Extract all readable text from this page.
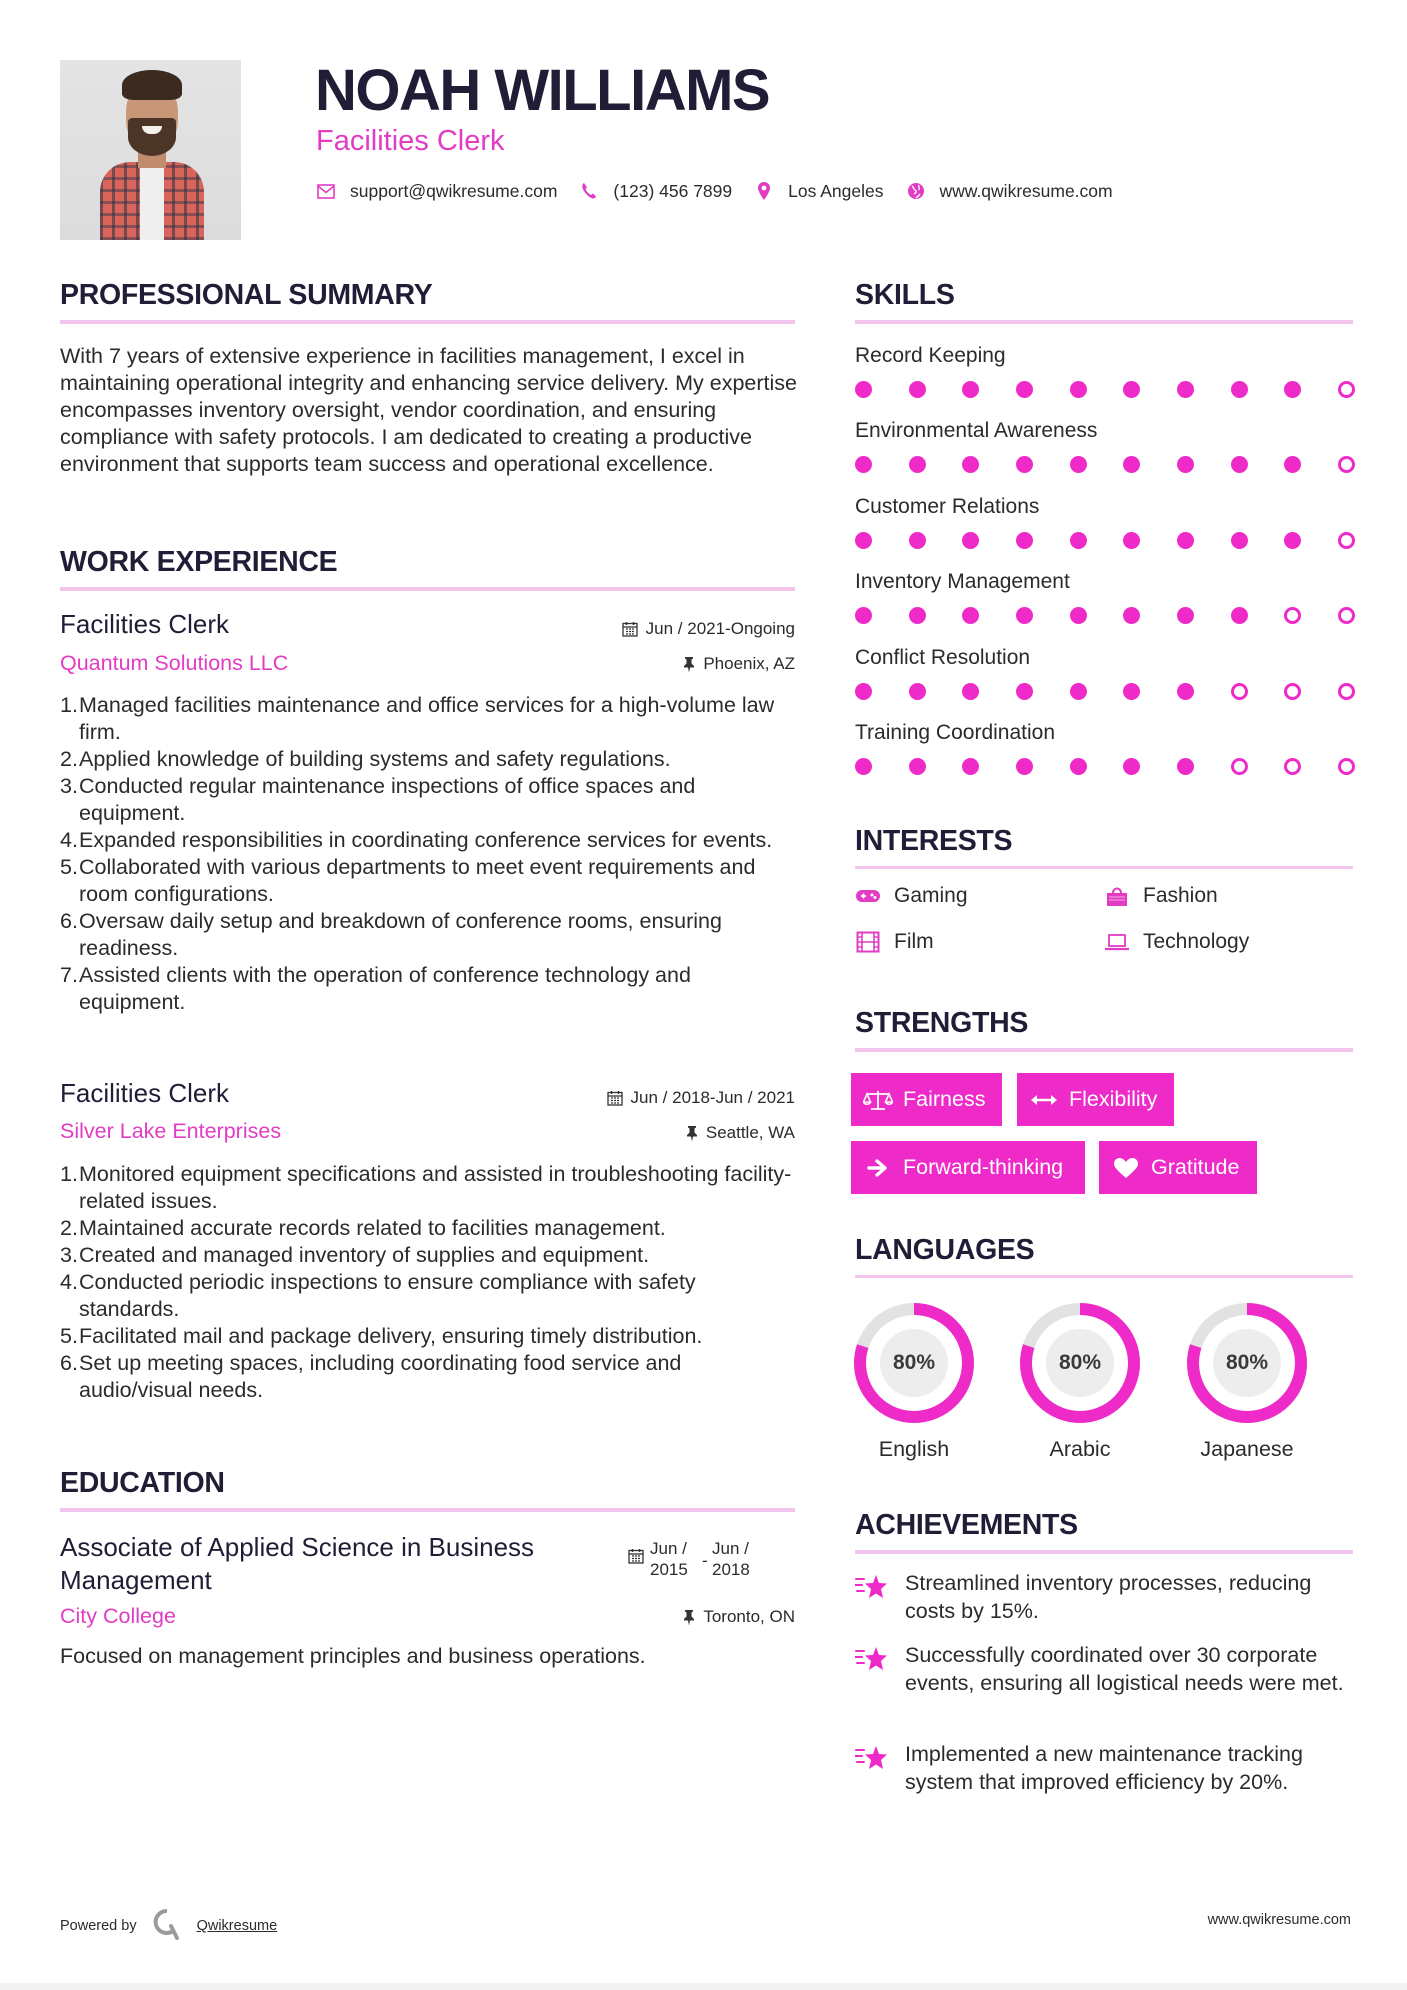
NOAH WILLIAMS
Facilities Clerk
support@qwikresume.com	(123) 456 7899	Los Angeles	www.qwikresume.com
PROFESSIONAL SUMMARY

With 7 years of extensive experience in facilities management, I excel in maintaining operational integrity and enhancing service delivery. My expertise encompasses inventory oversight, vendor coordination, and ensuring compliance with safety protocols. I am dedicated to creating a productive environment that supports team success and operational excellence.

WORK EXPERIENCE
Facilities Clerk	Jun / 2021-Ongoing
Quantum Solutions LLC	Phoenix, AZ
1. Managed facilities maintenance and office services for a high-volume law firm.
2. Applied knowledge of building systems and safety regulations.
3. Conducted regular maintenance inspections of office spaces and equipment.
4. Expanded responsibilities in coordinating conference services for events.
5. Collaborated with various departments to meet event requirements and room configurations.
6. Oversaw daily setup and breakdown of conference rooms, ensuring readiness.
7. Assisted clients with the operation of conference technology and equipment.
Facilities Clerk	Jun / 2018-Jun / 2021
Silver Lake Enterprises	Seattle, WA
1. Monitored equipment specifications and assisted in troubleshooting facility-related issues.
2. Maintained accurate records related to facilities management.
3. Created and managed inventory of supplies and equipment.
4. Conducted periodic inspections to ensure compliance with safety standards.
5. Facilitated mail and package delivery, ensuring timely distribution.
6. Set up meeting spaces, including coordinating food service and audio/visual needs.
EDUCATION
Associate of Applied Science in Business Management
Jun /
2015 -
Jun /
2018
City College	Toronto, ON
Focused on management principles and business operations.
SKILLS
Record Keeping
Environmental Awareness
Customer Relations
Inventory Management
Conflict Resolution
Training Coordination
INTERESTS
Gaming	Fashion
Film	Technology
STRENGTHS
Fairness	Flexibility
Forward-thinking	Gratitude
LANGUAGES
80%
English
80%
Arabic
80%
Japanese
ACHIEVEMENTS
Streamlined inventory processes, reducing costs by 15%.
Successfully coordinated over 30 corporate events, ensuring all logistical needs were met.
Implemented a new maintenance tracking system that improved efficiency by 20%.
Powered by	Qwikresume	www.qwikresume.com
